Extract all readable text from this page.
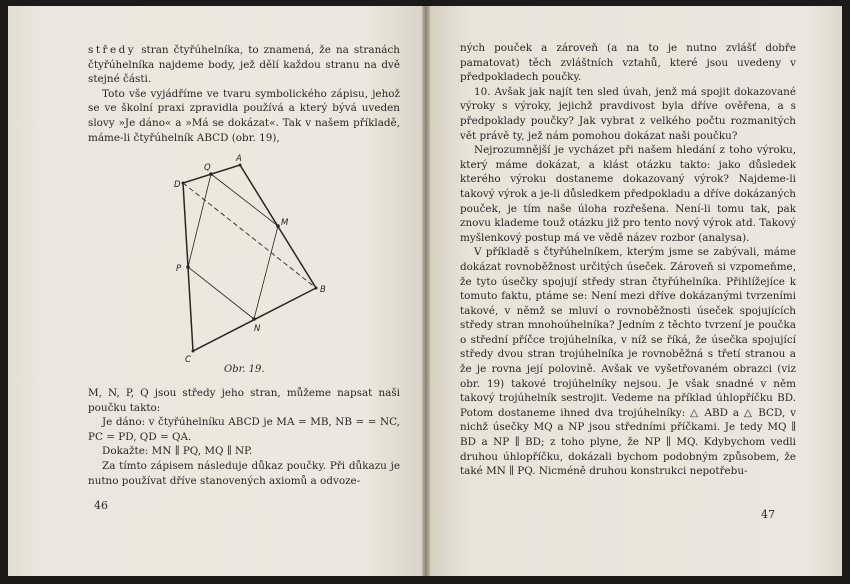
středy stran čtyřúhelníka, to znamená, že na stranách čtyřúhelníka najdeme body, jež dělí každou stranu na dvě stejné části.

Toto vše vyjádříme ve tvaru symbolického zápisu, jehož se ve školní praxi zpravidla používá a který bývá uveden slovy »Je dáno« a »Má se dokázat«. Tak v našem příkladě, máme-li čtyřúhelník ABCD (obr. 19),

A
B
C
D
M
N
P
Q
Obr. 19.

M, N, P, Q jsou středy jeho stran, můžeme napsat naši poučku takto:

Je dáno: v čtyřúhelníku ABCD je MA = MB, NB = = NC, PC = PD, QD = QA.

Dokažte: MN ∥ PQ, MQ ∥ NP.

Za tímto zápisem následuje důkaz poučky. Při důkazu je nutno používat dříve stanovených axiomů a odvoze-

46

ných pouček a zároveň (a na to je nutno zvlášť dobře pamatovat) těch zvláštních vztahů, které jsou uvedeny v předpokladech poučky.

10. Avšak jak najít ten sled úvah, jenž má spojit dokazované výroky s výroky, jejichž pravdivost byla dříve ověřena, a s předpoklady poučky? Jak vybrat z velkého počtu rozmanitých vět právě ty, jež nám pomohou dokázat naši poučku?

Nejrozumnější je vycházet při našem hledání z toho výroku, který máme dokázat, a klást otázku takto: jako důsledek kterého výroku dostaneme dokazovaný výrok? Najdeme-li takový výrok a je-li důsledkem předpokladu a dříve dokázaných pouček, je tím naše úloha rozřešena. Není-li tomu tak, pak znovu klademe touž otázku již pro tento nový výrok atd. Takový myšlenkový postup má ve vědě název rozbor (analysa).

V příkladě s čtyřúhelníkem, kterým jsme se zabývali, máme dokázat rovnoběžnost určitých úseček. Zároveň si vzpomeňme, že tyto úsečky spojují středy stran čtyřúhelníka. Přihlížejíce k tomuto faktu, ptáme se: Není mezi dříve dokázanými tvrzeními takové, v němž se mluví o rovnoběžnosti úseček spojujících středy stran mnohoúhelníka? Jedním z těchto tvrzení je poučka o střední příčce trojúhelníka, v níž se říká, že úsečka spojující středy dvou stran trojúhelníka je rovnoběžná s třetí stranou a že je rovna její polovině. Avšak ve vyšetřovaném obrazci (viz obr. 19) takové trojúhelníky nejsou. Je však snadné v něm takový trojúhelník sestrojit. Vedeme na příklad úhlopříčku BD. Potom dostaneme ihned dva trojúhelníky: △ ABD a △ BCD, v nichž úsečky MQ a NP jsou středními příčkami. Je tedy MQ ∥ BD a NP ∥ BD; z toho plyne, že NP ∥ MQ. Kdybychom vedli druhou úhlopříčku, dokázali bychom podobným způsobem, že také MN ∥ PQ. Nicméně druhou konstrukci nepotřebu-

47
